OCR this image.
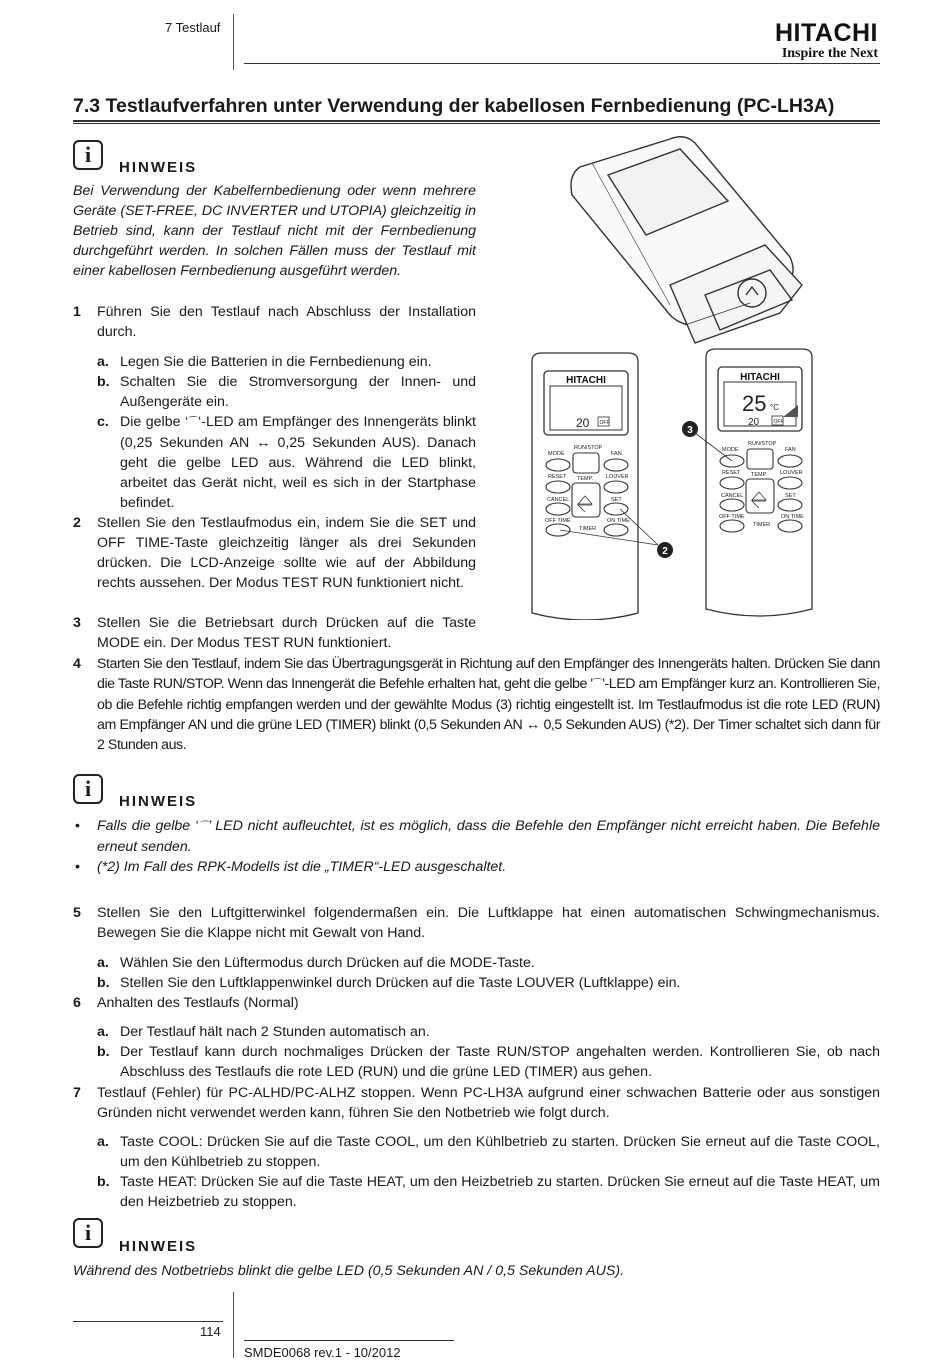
7 Testlauf	HITACHI
Inspire the Next
7.3 Testlaufverfahren unter Verwendung der kabellosen Fernbedienung (PC-LH3A)
i
HINWEIS
Bei Verwendung der Kabelfernbedienung oder wenn mehrere Geräte (SET-FREE, DC INVERTER und UTOPIA) gleichzeitig in Betrieb sind, kann der Testlauf nicht mit der Fernbedienung durchgeführt werden. In solchen Fällen muss der Testlauf mit einer kabellosen Fernbedienung ausgeführt werden.
1 Führen Sie den Testlauf nach Abschluss der Installation durch.
a. Legen Sie die Batterien in die Fernbedienung ein.
b. Schalten Sie die Stromversorgung der Innen- und Außengeräte ein.
c. Die gelbe ‘⌒‘-LED am Empfänger des Innengeräts blinkt (0,25 Sekunden AN ↔ 0,25 Sekunden AUS). Danach geht die gelbe LED aus. Während die LED blinkt, arbeitet das Gerät nicht, weil es sich in der Startphase befindet.
2 Stellen Sie den Testlaufmodus ein, indem Sie die SET und OFF TIME-Taste gleichzeitig länger als drei Sekunden drücken. Die LCD-Anzeige sollte wie auf der Abbildung rechts aussehen. Der Modus TEST RUN funktioniert nicht.
3 Stellen Sie die Betriebsart durch Drücken auf die Taste MODE ein. Der Modus TEST RUN funktioniert.
4 Starten Sie den Testlauf, indem Sie das Übertragungsgerät in Richtung auf den Empfänger des Innengeräts halten. Drücken Sie dann die Taste RUN/STOP. Wenn das Innengerät die Befehle erhalten hat, geht die gelbe '⌒'-LED am Empfänger kurz an. Kontrollieren Sie, ob die Befehle richtig empfangen werden und der gewählte Modus (3) richtig eingestellt ist. Im Testlaufmodus ist die rote LED (RUN) am Empfänger AN und die grüne LED (TIMER) blinkt (0,5 Sekunden AN ↔ 0,5 Sekunden AUS) (*2). Der Timer schaltet sich dann für 2 Stunden aus.
i
HINWEIS
• Falls die gelbe ‘⌒’ LED nicht aufleuchtet, ist es möglich, dass die Befehle den Empfänger nicht erreicht haben. Die Befehle erneut senden.
• (*2) Im Fall des RPK-Modells ist die „TIMER“-LED ausgeschaltet.
5 Stellen Sie den Luftgitterwinkel folgendermaßen ein. Die Luftklappe hat einen automatischen Schwingmechanismus. Bewegen Sie die Klappe nicht mit Gewalt von Hand.
a. Wählen Sie den Lüftermodus durch Drücken auf die MODE-Taste.
b. Stellen Sie den Luftklappenwinkel durch Drücken auf die Taste LOUVER (Luftklappe) ein.
6 Anhalten des Testlaufs (Normal)
a. Der Testlauf hält nach 2 Stunden automatisch an.
b. Der Testlauf kann durch nochmaliges Drücken der Taste RUN/STOP angehalten werden. Kontrollieren Sie, ob nach Abschluss des Testlaufs die rote LED (RUN) und die grüne LED (TIMER) aus gehen.
7 Testlauf (Fehler) für PC-ALHD/PC-ALHZ stoppen. Wenn PC-LH3A aufgrund einer schwachen Batterie oder aus sonstigen Gründen nicht verwendet werden kann, führen Sie den Notbetrieb wie folgt durch.
a. Taste COOL: Drücken Sie auf die Taste COOL, um den Kühlbetrieb zu starten. Drücken Sie erneut auf die Taste COOL, um den Kühlbetrieb zu stoppen.
b. Taste HEAT: Drücken Sie auf die Taste HEAT, um den Heizbetrieb zu starten. Drücken Sie erneut auf die Taste HEAT, um den Heizbetrieb zu stoppen.
i
HINWEIS
Während des Notbetriebs blinkt die gelbe LED (0,5 Sekunden AN / 0,5 Sekunden AUS).
HITACHI
20 OFF
MODE
RUN/STOP
FAN
RESET TEMP. LOUVER
CANCEL	SET
OFF TIME	ON TIME
TIMER
2
HITACHI
25 °C
20	OFF
MODE
RUN/STOP
FAN
RESET TEMP. LOUVER
CANCEL	SET
OFF TIME	ON TIME
TIMER
3
114
SMDE0068 rev.1 - 10/2012
